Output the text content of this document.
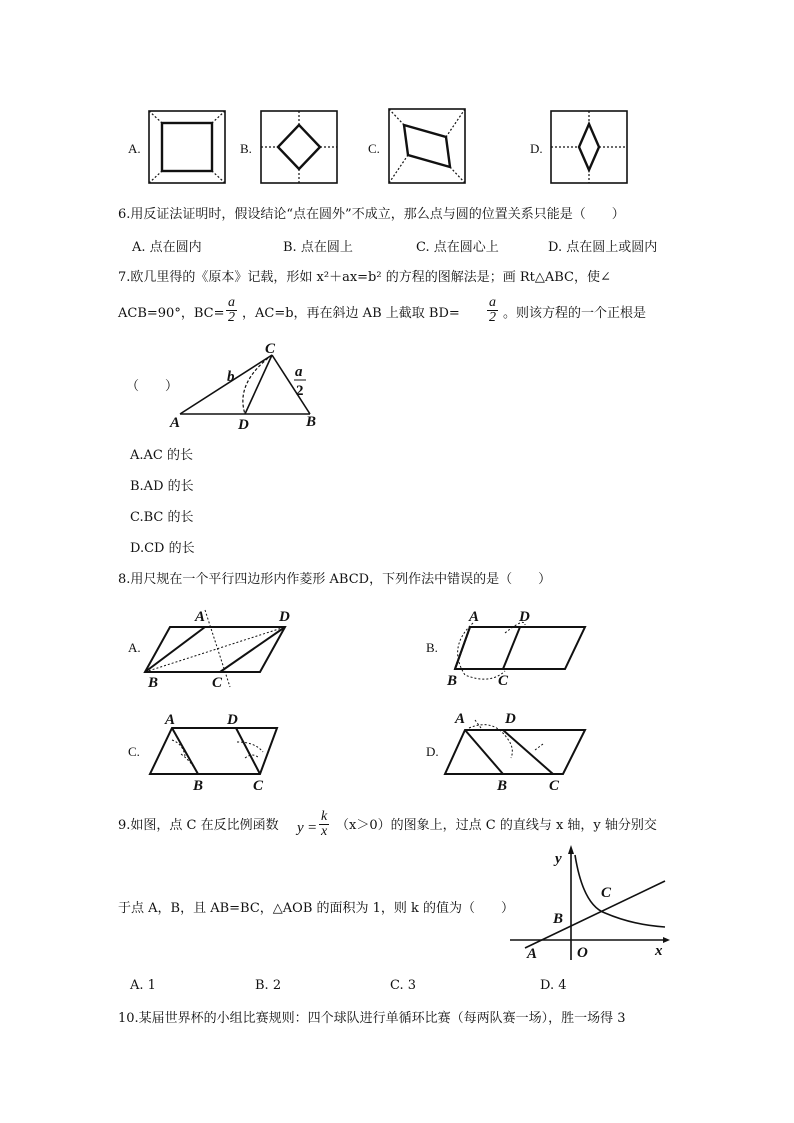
A.	B.	C.	D.
6.用反证法证明时，假设结论“点在圆外”不成立，那么点与圆的位置关系只能是（　　）
A. 点在圆内	B. 点在圆上	C. 点在圆心上	D. 点在圆上或圆内
7.欧几里得的《原本》记载，形如 x²＋ax=b² 的方程的图解法是；画 Rt△ABC，使∠
ACB=90°，$BC= \frac{a}{2}$ ，AC=b，再在斜边 AB 上截取 $BD= \frac{a}{2}$ 。则该方程的一个正根是
（　　）
C
A	D	B
b	a
2
A.AC 的长
B.AD 的长
C.BC 的长
D.CD 的长
8.用尺规在一个平行四边形内作菱形 ABCD，下列作法中错误的是（　　）
A.
A	D
B	C
B.
A	D
B	C
C.
A	D
B	C
D.
A	D
B	C
9.如图，点 C 在反比例函数 $y = \frac{k}{x} (x>0)$的图象上，过点 C 的直线与 x 轴，y 轴分别交
于点 A，B，且 AB=BC，△AOB 的面积为 1，则 k 的值为（　　）
y
x
A
B
C
O
A. 1	B. 2	C. 3	D. 4
10.某届世界杯的小组比赛规则：四个球队进行单循环比赛（每两队赛一场），胜一场得 3
